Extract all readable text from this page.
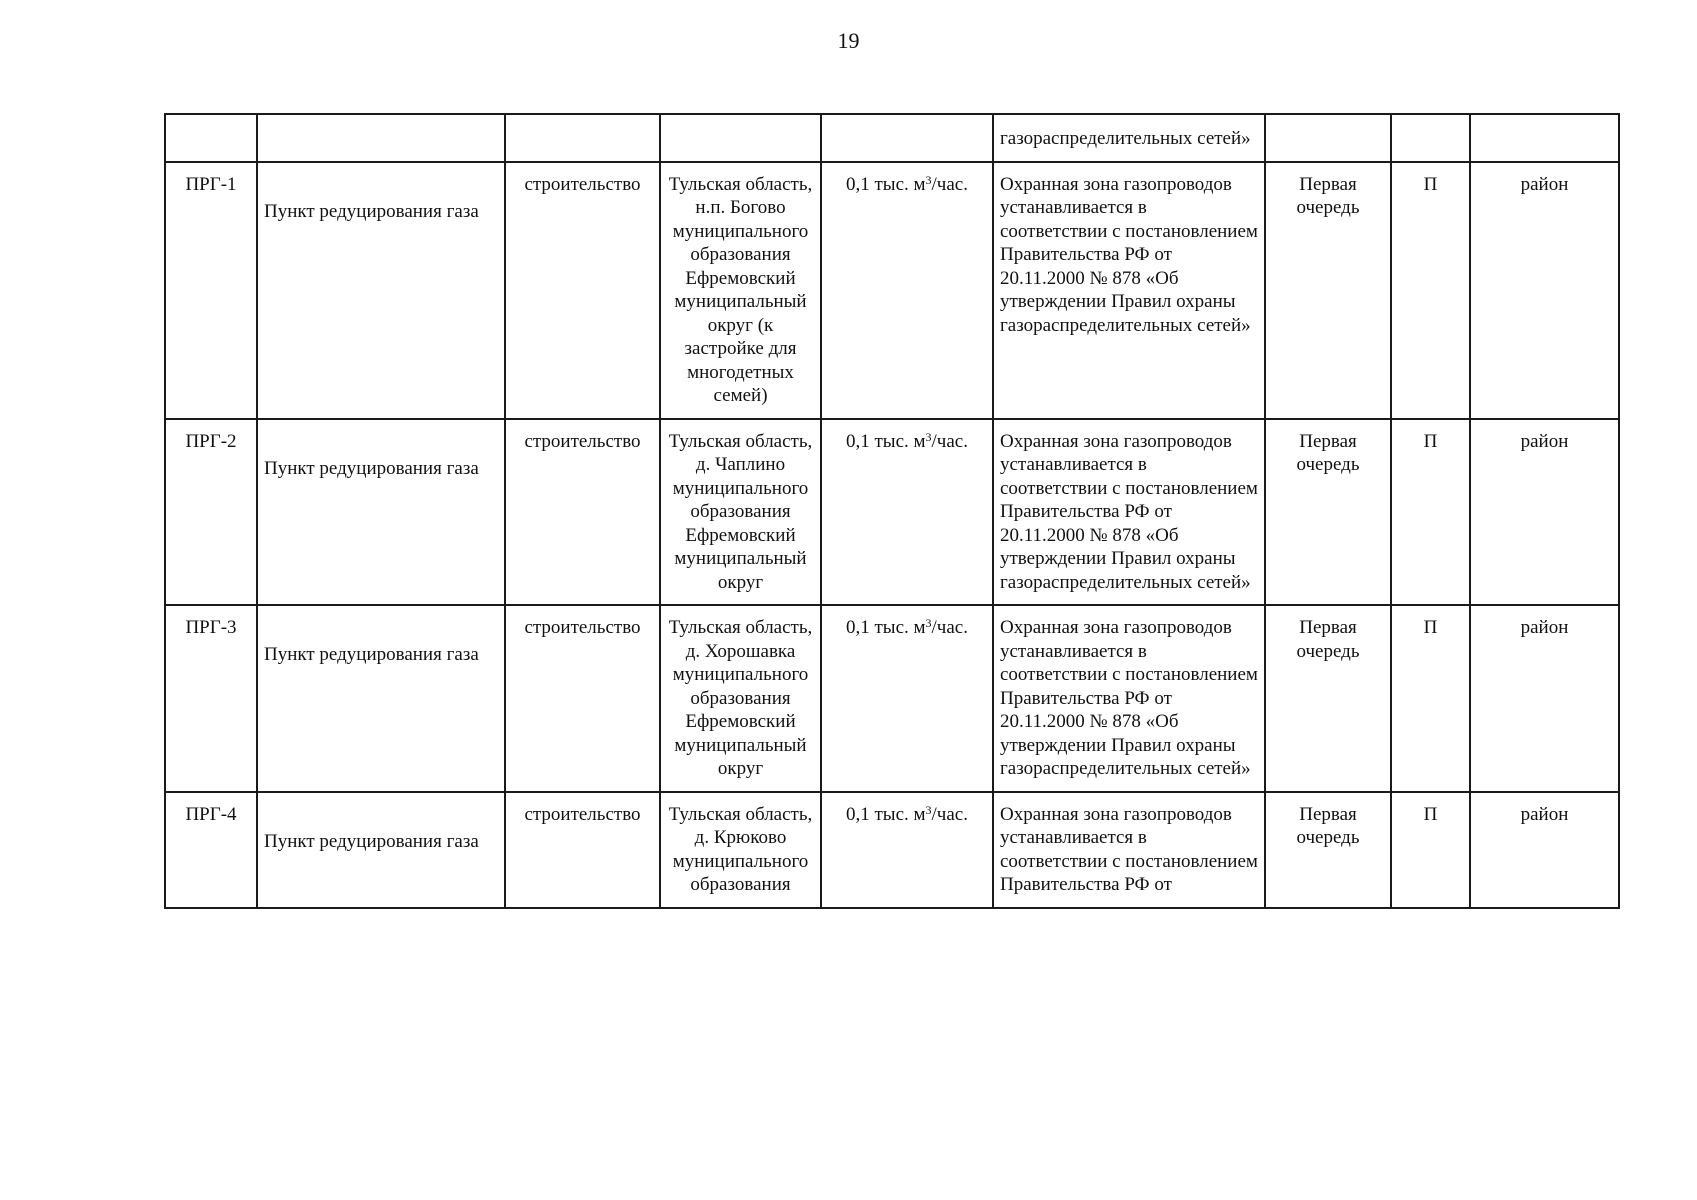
19
					газораспределительных сетей»			
ПРГ-1	Пункт редуцирования газа	строительство	Тульская область, н.п. Богово муниципального образования Ефремовский муниципальный округ (к застройке для многодетных семей)	0,1 тыс. $м^3$/час.	Охранная зона газопроводов устанавливается в соответствии с постановлением Правительства РФ от 20.11.2000 № 878 «Об утверждении Правил охраны газораспределительных сетей»	Первая очередь	П	район
ПРГ-2	Пункт редуцирования газа	строительство	Тульская область, д. Чаплино муниципального образования Ефремовский муниципальный округ	0,1 тыс. $м^3$/час.	Охранная зона газопроводов устанавливается в соответствии с постановлением Правительства РФ от 20.11.2000 № 878 «Об утверждении Правил охраны газораспределительных сетей»	Первая очередь	П	район
ПРГ-3	Пункт редуцирования газа	строительство	Тульская область, д. Хорошавка муниципального образования Ефремовский муниципальный округ	0,1 тыс. $м^3$/час.	Охранная зона газопроводов устанавливается в соответствии с постановлением Правительства РФ от 20.11.2000 № 878 «Об утверждении Правил охраны газораспределительных сетей»	Первая очередь	П	район
ПРГ-4	Пункт редуцирования газа	строительство	Тульская область, д. Крюково муниципального образования	0,1 тыс. $м^3$/час.	Охранная зона газопроводов устанавливается в соответствии с постановлением Правительства РФ от	Первая очередь	П	район
